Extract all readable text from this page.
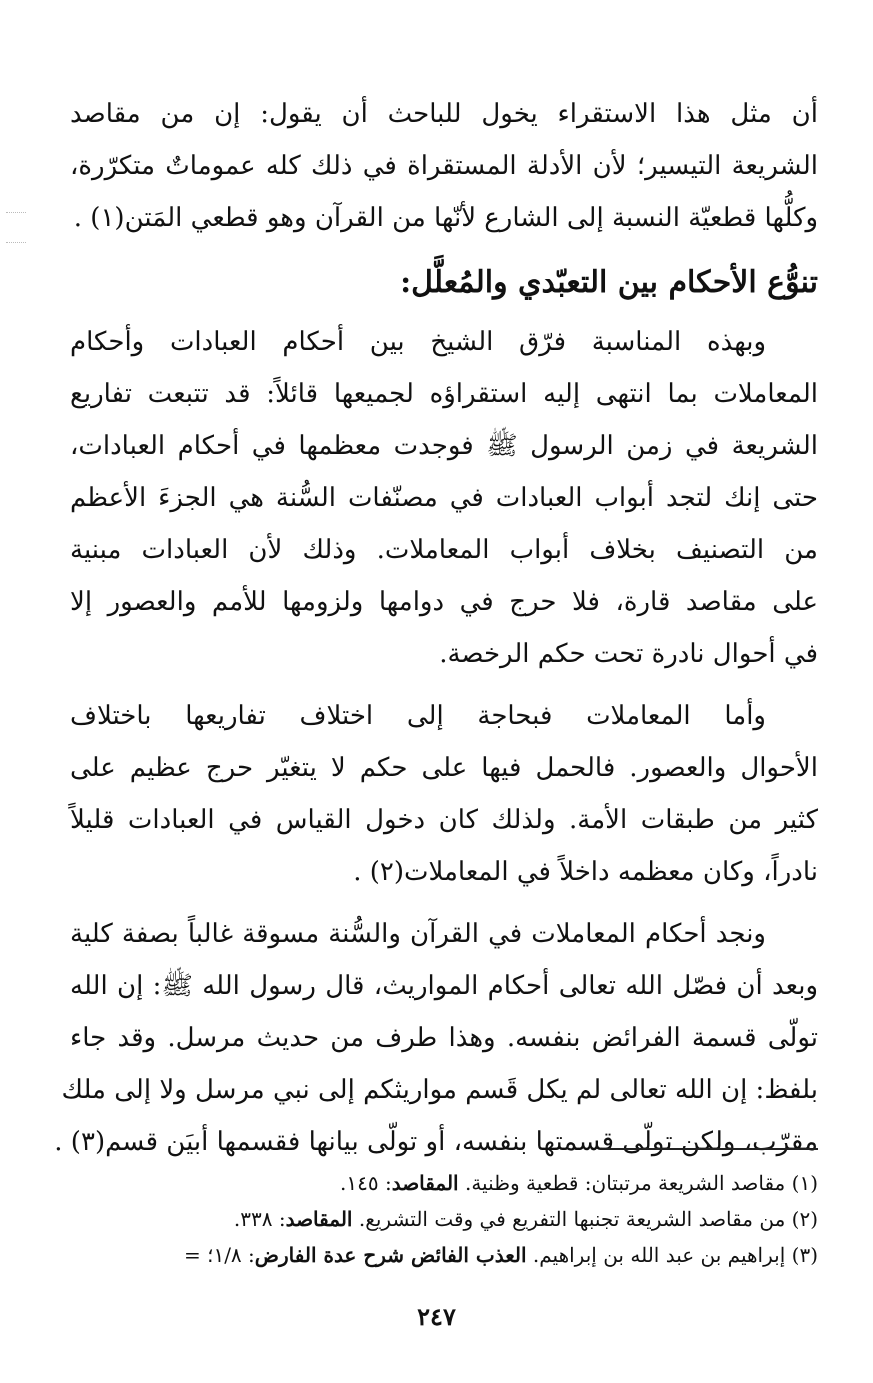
أن مثل هذا الاستقراء يخول للباحث أن يقول: إن من مقاصد
الشريعة التيسير؛ لأن الأدلة المستقراة في ذلك كله عموماتٌ متكرّرة،
وكلُّها قطعيّة النسبة إلى الشارع لأنّها من القرآن وهو قطعي المَتن(١) .
تنوُّع الأحكام بين التعبّدي والمُعلَّل:
وبهذه المناسبة فرّق الشيخ بين أحكام العبادات وأحكام
المعاملات بما انتهى إليه استقراؤه لجميعها قائلاً: قد تتبعت تفاريع
الشريعة في زمن الرسول ﷺ فوجدت معظمها في أحكام العبادات،
حتى إنك لتجد أبواب العبادات في مصنّفات السُّنة هي الجزءَ الأعظم
من التصنيف بخلاف أبواب المعاملات. وذلك لأن العبادات مبنية
على مقاصد قارة، فلا حرج في دوامها ولزومها للأمم والعصور إلا
في أحوال نادرة تحت حكم الرخصة.
وأما المعاملات فبحاجة إلى اختلاف تفاريعها باختلاف
الأحوال والعصور. فالحمل فيها على حكم لا يتغيّر حرج عظيم على
كثير من طبقات الأمة. ولذلك كان دخول القياس في العبادات قليلاً
نادراً، وكان معظمه داخلاً في المعاملات(٢) .
ونجد أحكام المعاملات في القرآن والسُّنة مسوقة غالباً بصفة كلية
وبعد أن فصّل الله تعالى أحكام المواريث، قال رسول الله ﷺ: إن الله
تولّى قسمة الفرائض بنفسه. وهذا طرف من حديث مرسل. وقد جاء
بلفظ: إن الله تعالى لم يكل قَسم مواريثكم إلى نبي مرسل ولا إلى ملك
مقرّب، ولكن تولّى قسمتها بنفسه، أو تولّى بيانها فقسمها أبيَن قسم(٣) .
(١) مقاصد الشريعة مرتبتان: قطعية وظنية. المقاصد: ١٤٥.
(٢) من مقاصد الشريعة تجنبها التفريع في وقت التشريع. المقاصد: ٣٣٨.
(٣) إبراهيم بن عبد الله بن إبراهيم. العذب الفائض شرح عدة الفارض: ١/٨؛ =
٢٤٧
